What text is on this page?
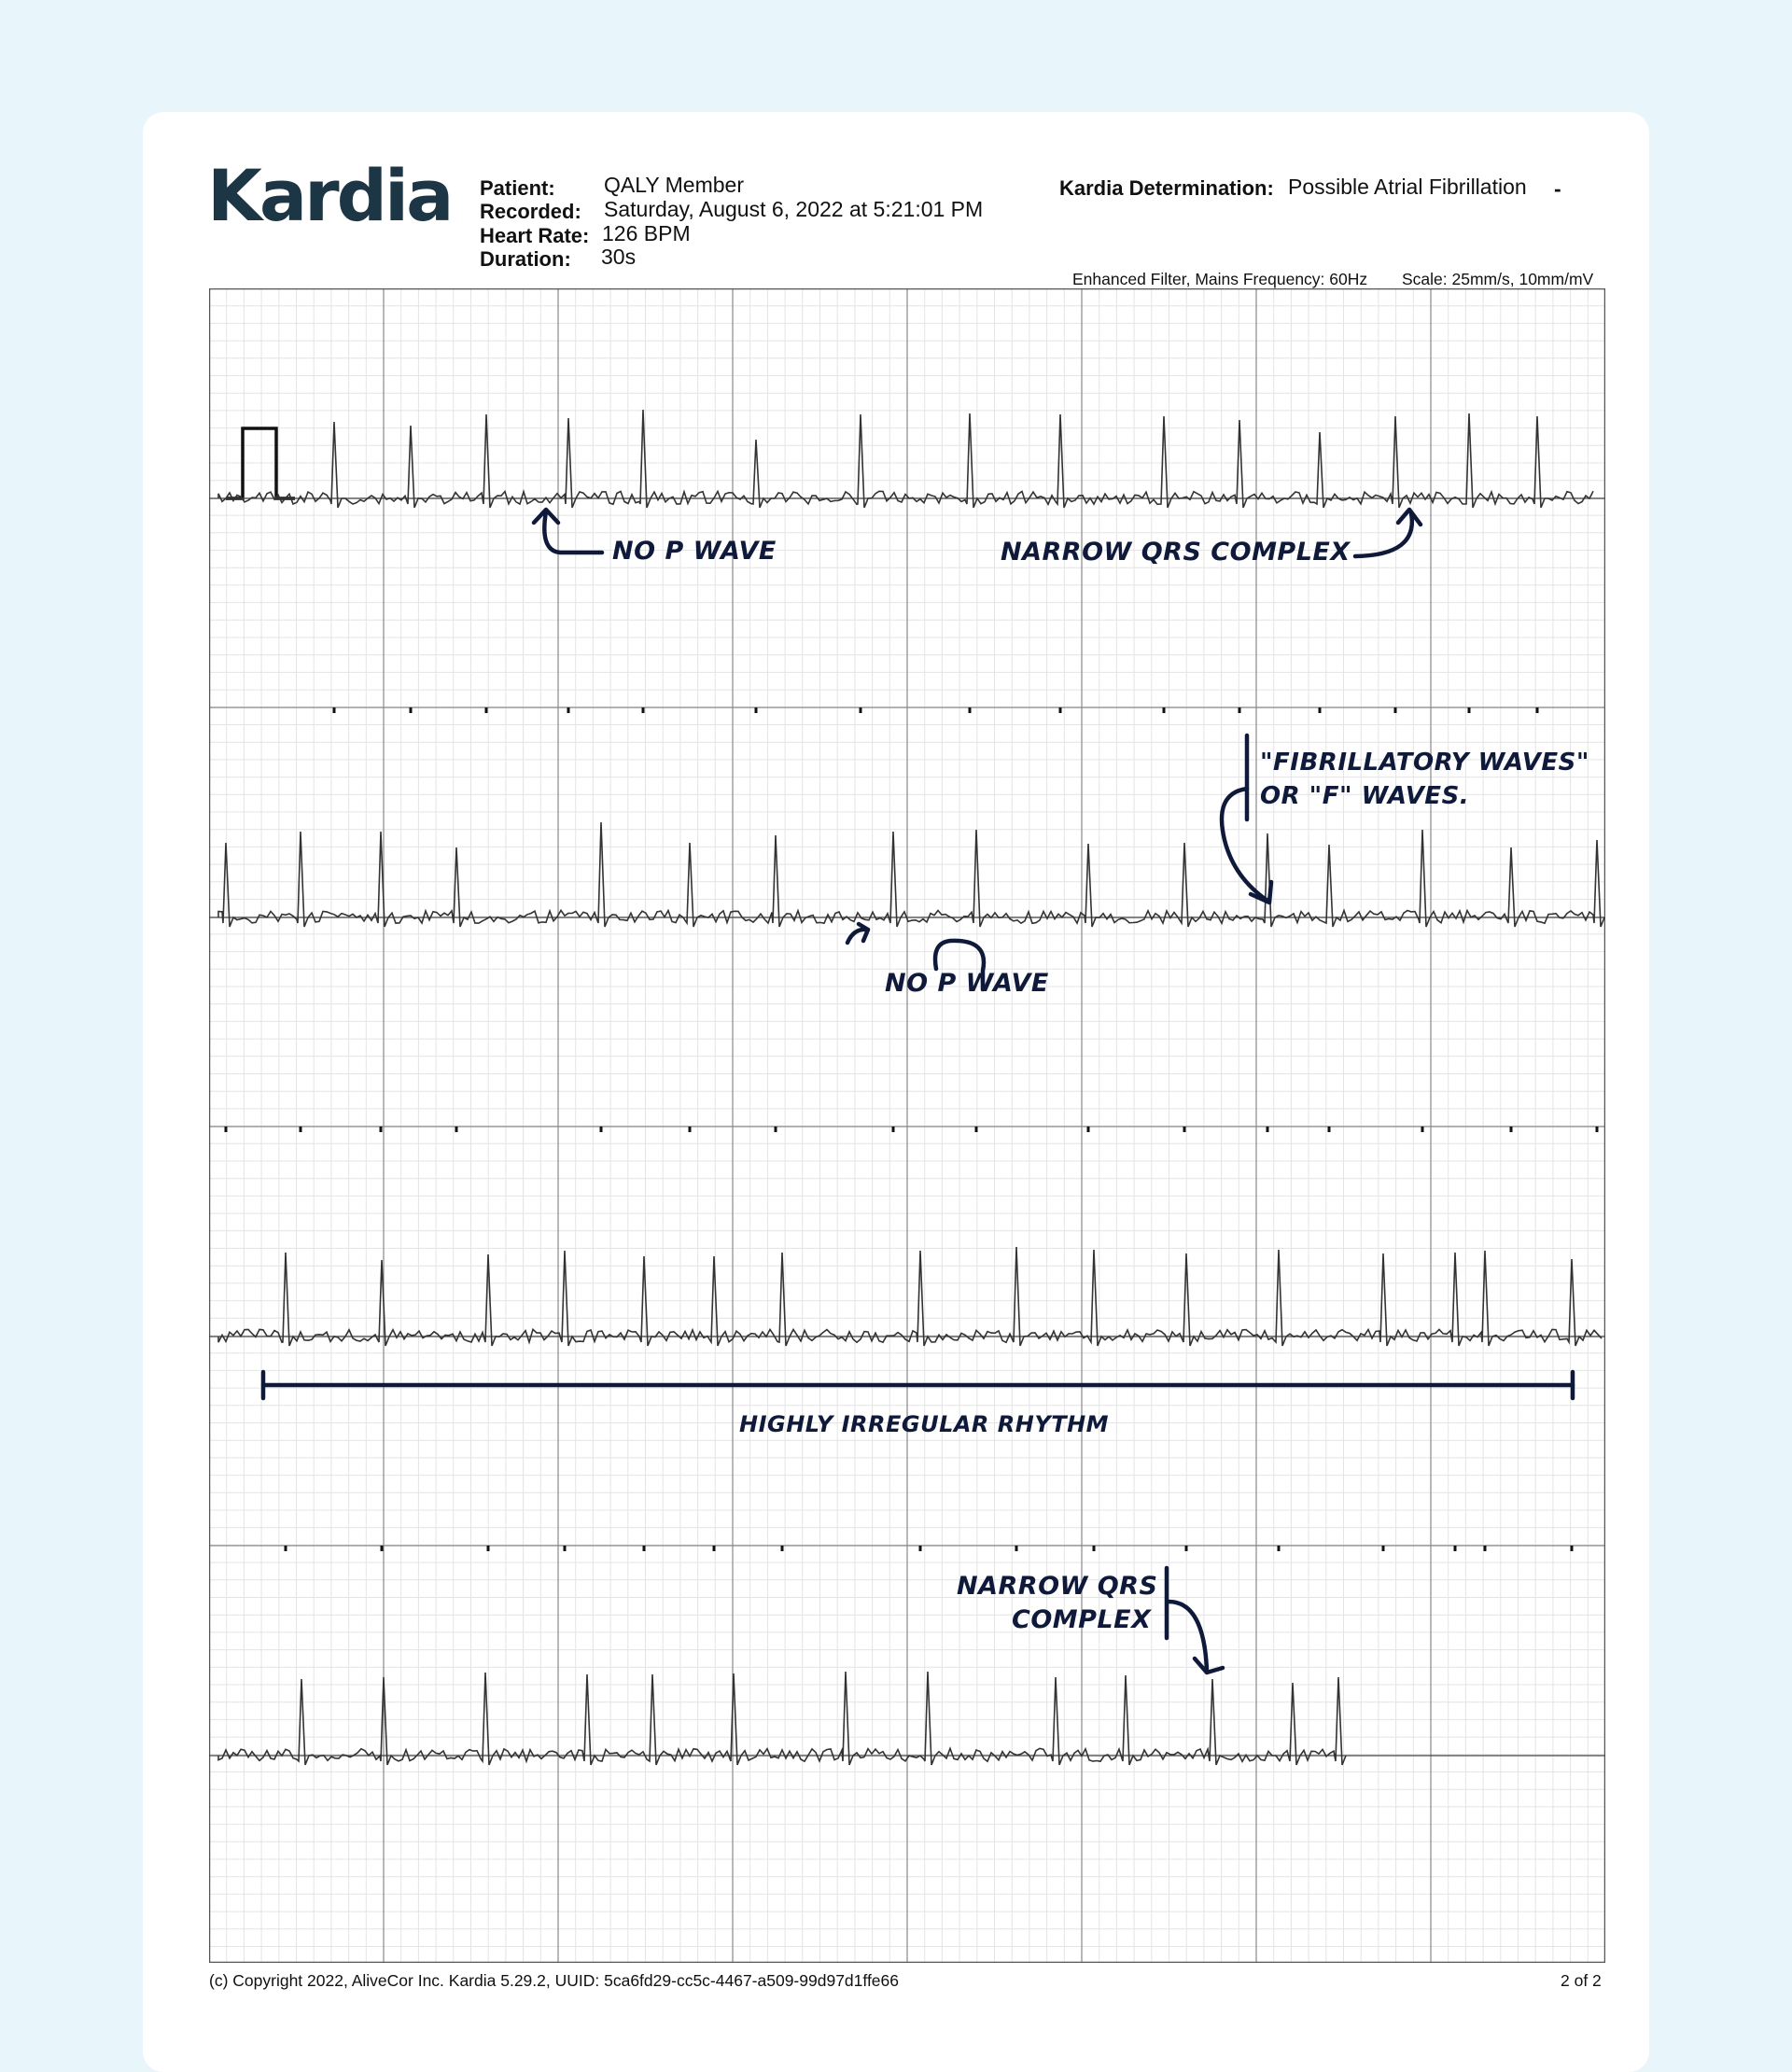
Kardia Patient: QALY Member
Recorded: Saturday, August 6, 2022 at 5:21:01 PM
Heart Rate: 126 BPM
Duration: 30s
Kardia Determination: Possible Atrial Fibrillation -
Enhanced Filter, Mains Frequency: 60Hz Scale: 25mm/s, 10mm/mV
NO P WAVE	NARROW QRS COMPLEX
"FIBRILLATORY WAVES"
OR "F" WAVES.
NO P WAVE
HIGHLY IRREGULAR RHYTHM
NARROW QRS
COMPLEX
(c) Copyright 2022, AliveCor Inc. Kardia 5.29.2, UUID: 5ca6fd29-cc5c-4467-a509-99d97d1ffe66	2 of 2
